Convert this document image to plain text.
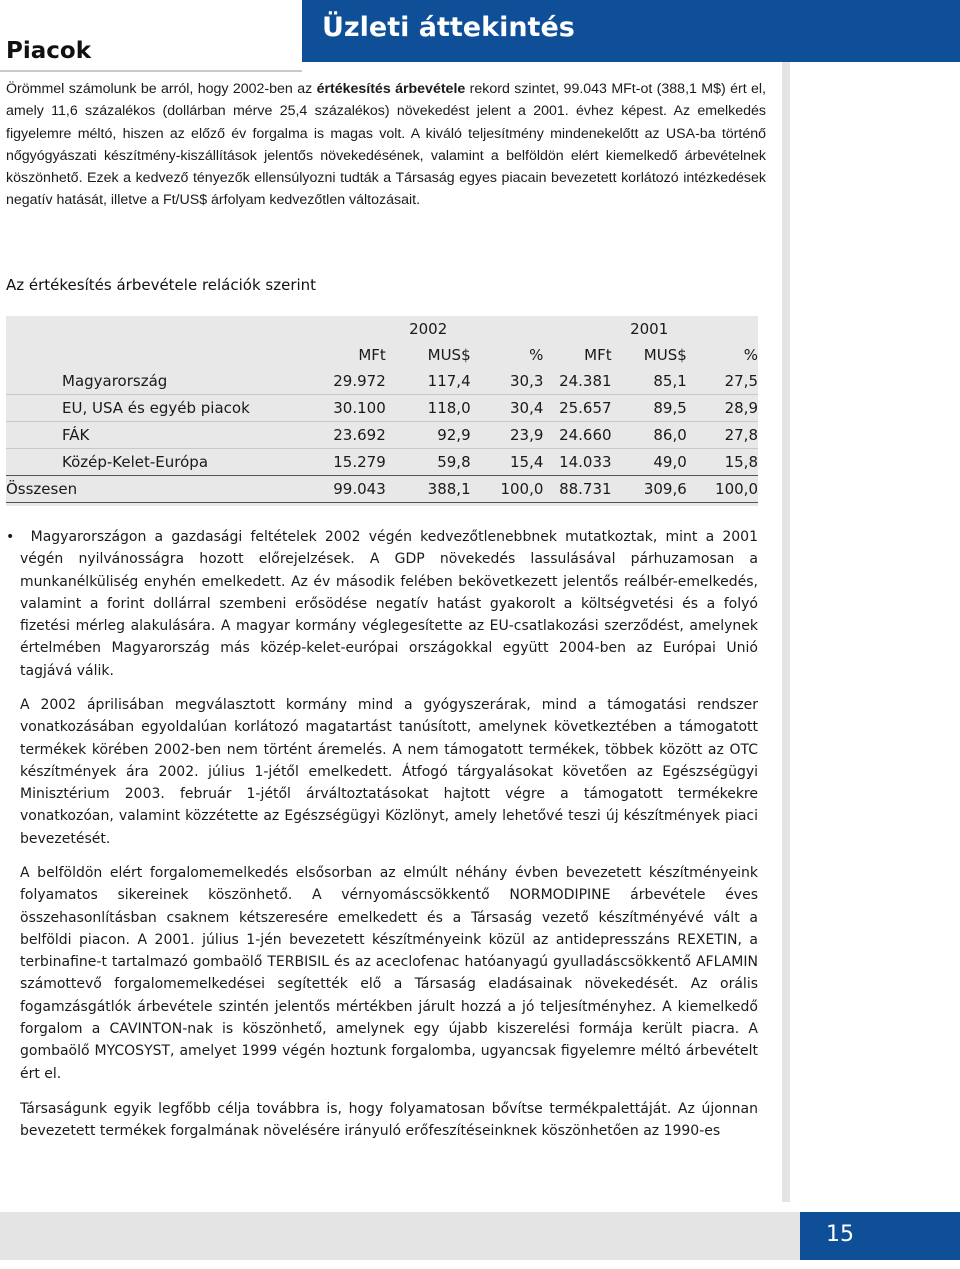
Piacok
Üzleti áttekintés

Örömmel számolunk be arról, hogy 2002-ben az értékesítés árbevétele rekord szintet, 99.043 MFt-ot (388,1 M$) ért el, amely 11,6 százalékos (dollárban mérve 25,4 százalékos) növekedést jelent a 2001. évhez képest. Az emelkedés figyelemre méltó, hiszen az előző év forgalma is magas volt. A kiváló teljesítmény mindenekelőtt az USA-ba történő nőgyógyászati készítmény-kiszállítások jelentős növekedésének, valamint a belföldön elért kiemelkedő árbevételnek köszönhető. Ezek a kedvező tényezők ellensúlyozni tudták a Társaság egyes piacain bevezetett korlátozó intézkedések negatív hatását, illetve a Ft/US$ árfolyam kedvezőtlen változásait.

Az értékesítés árbevétele relációk szerint
		2002			2001	
	MFt	MUS$	%	MFt	MUS$	%
Magyarország	29.972	117,4	30,3	24.381	85,1	27,5
EU, USA és egyéb piacok	30.100	118,0	30,4	25.657	89,5	28,9
FÁK	23.692	92,9	23,9	24.660	86,0	27,8
Közép-Kelet-Európa	15.279	59,8	15,4	14.033	49,0	15,8
Összesen	99.043	388,1	100,0	88.731	309,6	100,0

•  Magyarországon a gazdasági feltételek 2002 végén kedvezőtlenebbnek mutatkoztak, mint a 2001 végén nyilvánosságra hozott előrejelzések. A GDP növekedés lassulásával párhuzamosan a munkanélküliség enyhén emelkedett. Az év második felében bekövetkezett jelentős reálbér-emelkedés, valamint a forint dollárral szembeni erősödése negatív hatást gyakorolt a költségvetési és a folyó fizetési mérleg alakulására. A magyar kormány véglegesítette az EU-csatlakozási szerződést, amelynek értelmében Magyarország más közép-kelet-európai országokkal együtt 2004-ben az Európai Unió tagjává válik.

A 2002 áprilisában megválasztott kormány mind a gyógyszerárak, mind a támogatási rendszer vonatkozásában egyoldalúan korlátozó magatartást tanúsított, amelynek következtében a támogatott termékek körében 2002-ben nem történt áremelés. A nem támogatott termékek, többek között az OTC készítmények ára 2002. július 1-jétől emelkedett. Átfogó tárgyalásokat követően az Egészségügyi Minisztérium 2003. február 1-jétől árváltoztatásokat hajtott végre a támogatott termékekre vonatkozóan, valamint közzétette az Egészségügyi Közlönyt, amely lehetővé teszi új készítmények piaci bevezetését.

A belföldön elért forgalomemelkedés elsősorban az elmúlt néhány évben bevezetett készítményeink folyamatos sikereinek köszönhető. A vérnyomáscsökkentő NORMODIPINE árbevétele éves összehasonlításban csaknem kétszeresére emelkedett és a Társaság vezető készítményévé vált a belföldi piacon. A 2001. július 1-jén bevezetett készítményeink közül az antidepresszáns REXETIN, a terbinafine-t tartalmazó gombaölő TERBISIL és az aceclofenac hatóanyagú gyulladáscsökkentő AFLAMIN számottevő forgalomemelkedései segítették elő a Társaság eladásainak növekedését. Az orális fogamzásgátlók árbevétele szintén jelentős mértékben járult hozzá a jó teljesítményhez. A kiemelkedő forgalom a CAVINTON-nak is köszönhető, amelynek egy újabb kiszerelési formája került piacra. A gombaölő MYCOSYST, amelyet 1999 végén hoztunk forgalomba, ugyancsak figyelemre méltó árbevételt ért el.

Társaságunk egyik legfőbb célja továbbra is, hogy folyamatosan bővítse termékpalettáját. Az újonnan bevezetett termékek forgalmának növelésére irányuló erőfeszítéseinknek köszönhetően az 1990-es

15
